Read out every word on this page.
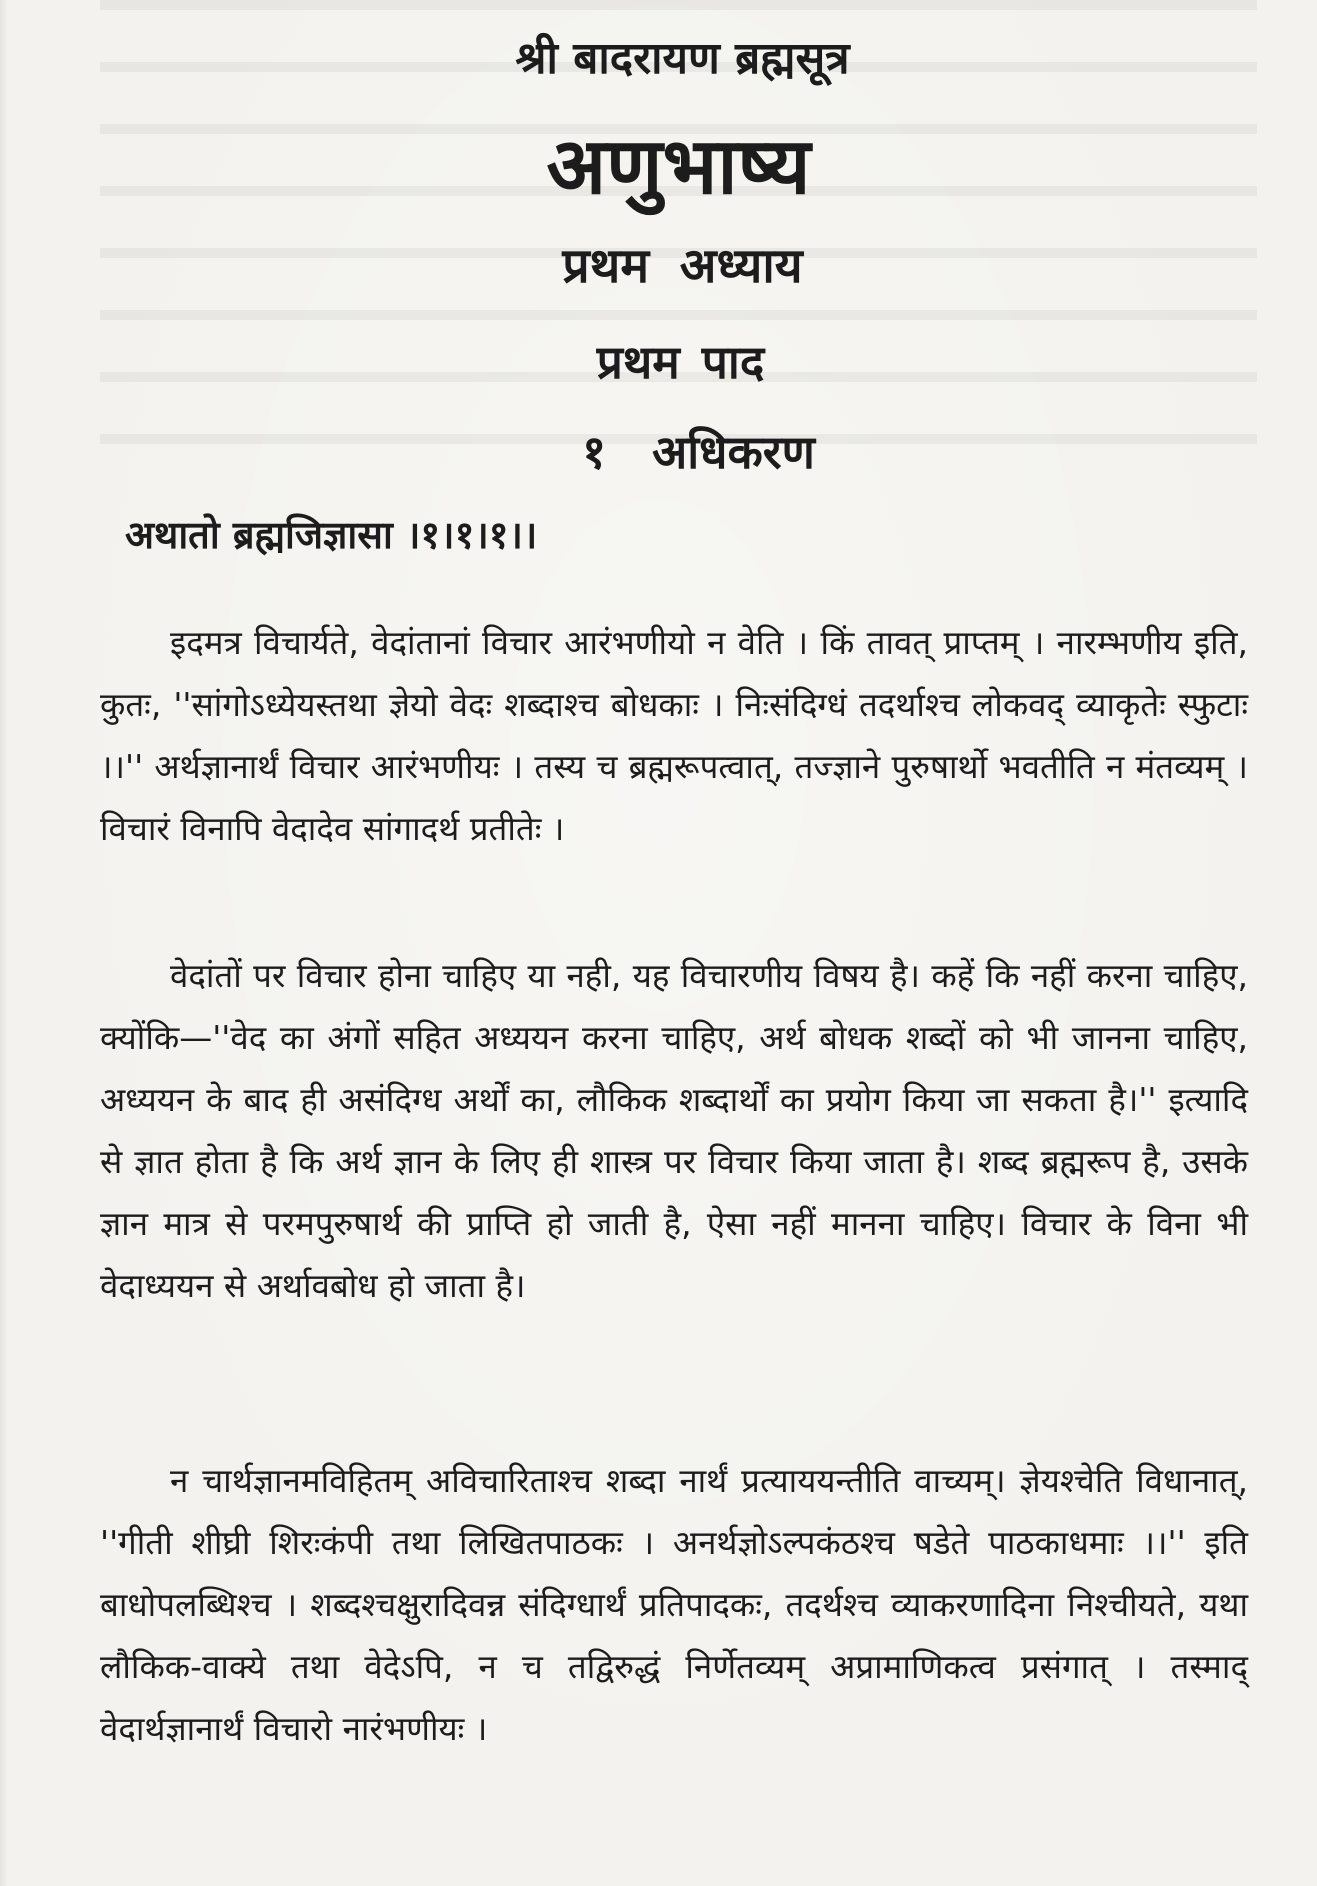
श्री बादरायण ब्रह्मसूत्र
अणुभाष्य
प्रथम अध्याय
प्रथम पाद
१ अधिकरण
अथातो ब्रह्मजिज्ञासा ।१।१।१।।

इदमत्र विचार्यते, वेदांतानां विचार आरंभणीयो न वेति । किं तावत् प्राप्तम् । नारम्भणीय इति, कुतः, ''सांगोऽध्येयस्तथा ज्ञेयो वेदः शब्दाश्च बोधकाः । निःसंदिग्धं तदर्थाश्च लोकवद् व्याकृतेः स्फुटाः ।।'' अर्थज्ञानार्थं विचार आरंभणीयः । तस्य च ब्रह्मरूपत्वात्, तज्ज्ञाने पुरुषार्थो भवतीति न मंतव्यम् । विचारं विनापि वेदादेव सांगादर्थ प्रतीतेः ।

वेदांतों पर विचार होना चाहिए या नही, यह विचारणीय विषय है। कहें कि नहीं करना चाहिए, क्योंकि—''वेद का अंगों सहित अध्ययन करना चाहिए, अर्थ बोधक शब्दों को भी जानना चाहिए, अध्ययन के बाद ही असंदिग्ध अर्थों का, लौकिक शब्दार्थों का प्रयोग किया जा सकता है।'' इत्यादि से ज्ञात होता है कि अर्थ ज्ञान के लिए ही शास्त्र पर विचार किया जाता है। शब्द ब्रह्मरूप है, उसके ज्ञान मात्र से परमपुरुषार्थ की प्राप्ति हो जाती है, ऐसा नहीं मानना चाहिए। विचार के विना भी वेदाध्ययन से अर्थावबोध हो जाता है।

न चार्थज्ञानमविहितम् अविचारिताश्च शब्दा नार्थं प्रत्याययन्तीति वाच्यम्। ज्ञेयश्चेति विधानात्, ''गीती शीघ्री शिरःकंपी तथा लिखितपाठकः । अनर्थज्ञोऽल्पकंठश्च षडेते पाठकाधमाः ।।'' इति बाधोपलब्धिश्च । शब्दश्चक्षुरादिवन्न संदिग्धार्थं प्रतिपादकः, तदर्थश्च व्याकरणादिना निश्चीयते, यथा लौकिक-वाक्ये तथा वेदेऽपि, न च तद्विरुद्धं निर्णेतव्यम् अप्रामाणिकत्व प्रसंगात् । तस्माद् वेदार्थज्ञानार्थं विचारो नारंभणीयः ।
